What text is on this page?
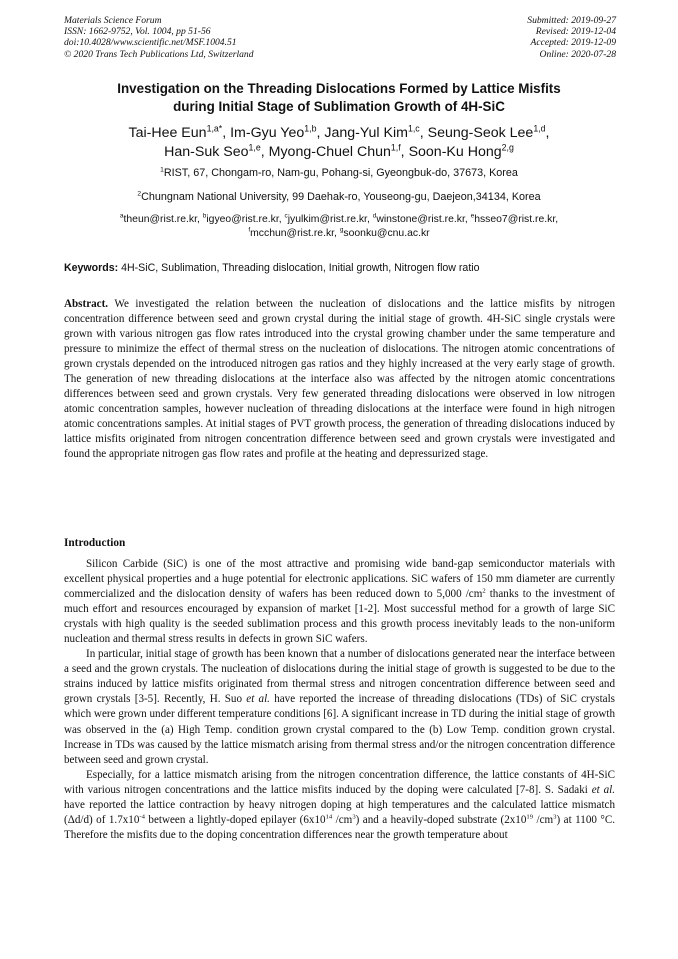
Materials Science Forum
ISSN: 1662-9752, Vol. 1004, pp 51-56
doi:10.4028/www.scientific.net/MSF.1004.51
© 2020 Trans Tech Publications Ltd, Switzerland
Submitted: 2019-09-27
Revised: 2019-12-04
Accepted: 2019-12-09
Online: 2020-07-28
Investigation on the Threading Dislocations Formed by Lattice Misfits
during Initial Stage of Sublimation Growth of 4H-SiC
Tai-Hee Eun$^{1,a*}$, Im-Gyu Yeo$^{1,b}$, Jang-Yul Kim$^{1,c}$, Seung-Seok Lee$^{1,d}$,
Han-Suk Seo$^{1,e}$, Myong-Chuel Chun$^{1,f}$, Soon-Ku Hong$^{2,g}$
$^1$RIST, 67, Chongam-ro, Nam-gu, Pohang-si, Gyeongbuk-do, 37673, Korea
$^2$Chungnam National University, 99 Daehak-ro, Youseong-gu, Daejeon,34134, Korea
$^a$theun@rist.re.kr, $^b$igyeo@rist.re.kr, $^c$jyulkim@rist.re.kr, $^d$winstone@rist.re.kr, $^e$hsseo7@rist.re.kr,
$^f$mcchun@rist.re.kr, $^g$soonku@cnu.ac.kr
Keywords: 4H-SiC, Sublimation, Threading dislocation, Initial growth, Nitrogen flow ratio
Abstract. We investigated the relation between the nucleation of dislocations and the lattice misfits by nitrogen concentration difference between seed and grown crystal during the initial stage of growth. 4H-SiC single crystals were grown with various nitrogen gas flow rates introduced into the crystal growing chamber under the same temperature and pressure to minimize the effect of thermal stress on the nucleation of dislocations. The nitrogen atomic concentrations of grown crystals depended on the introduced nitrogen gas ratios and they highly increased at the very early stage of growth. The generation of new threading dislocations at the interface also was affected by the nitrogen atomic concentrations differences between seed and grown crystals. Very few generated threading dislocations were observed in low nitrogen atomic concentration samples, however nucleation of threading dislocations at the interface were found in high nitrogen atomic concentrations samples. At initial stages of PVT growth process, the generation of threading dislocations induced by lattice misfits originated from nitrogen concentration difference between seed and grown crystals were investigated and found the appropriate nitrogen gas flow rates and profile at the heating and depressurized stage.
Introduction

Silicon Carbide (SiC) is one of the most attractive and promising wide band-gap semiconductor materials with excellent physical properties and a huge potential for electronic applications. SiC wafers of 150 mm diameter are currently commercialized and the dislocation density of wafers has been reduced down to 5,000 $/cm^2$ thanks to the investment of much effort and resources encouraged by expansion of market [1-2]. Most successful method for a growth of large SiC crystals with high quality is the seeded sublimation process and this growth process inevitably leads to the non-uniform nucleation and thermal stress results in defects in grown SiC wafers.

In particular, initial stage of growth has been known that a number of dislocations generated near the interface between a seed and the grown crystals. The nucleation of dislocations during the initial stage of growth is suggested to be due to the strains induced by lattice misfits originated from thermal stress and nitrogen concentration difference between seed and grown crystals [3-5]. Recently, H. Suo et al. have reported the increase of threading dislocations (TDs) of SiC crystals which were grown under different temperature conditions [6]. A significant increase in TD during the initial stage of growth was observed in the (a) High Temp. condition grown crystal compared to the (b) Low Temp. condition grown crystal. Increase in TDs was caused by the lattice mismatch arising from thermal stress and/or the nitrogen concentration difference between seed and grown crystal.

Especially, for a lattice mismatch arising from the nitrogen concentration difference, the lattice constants of 4H-SiC with various nitrogen concentrations and the lattice misfits induced by the doping were calculated [7-8]. S. Sadaki et al. have reported the lattice contraction by heavy nitrogen doping at high temperatures and the calculated lattice mismatch (Δd/d) of $1.7x10^{-4}$ between a lightly-doped epilayer ($6x10^{14}$ $/cm^3$) and a heavily-doped substrate ($2x10^{19}$ $/cm^3$) at 1100 °C. Therefore the misfits due to the doping concentration differences near the growth temperature about
